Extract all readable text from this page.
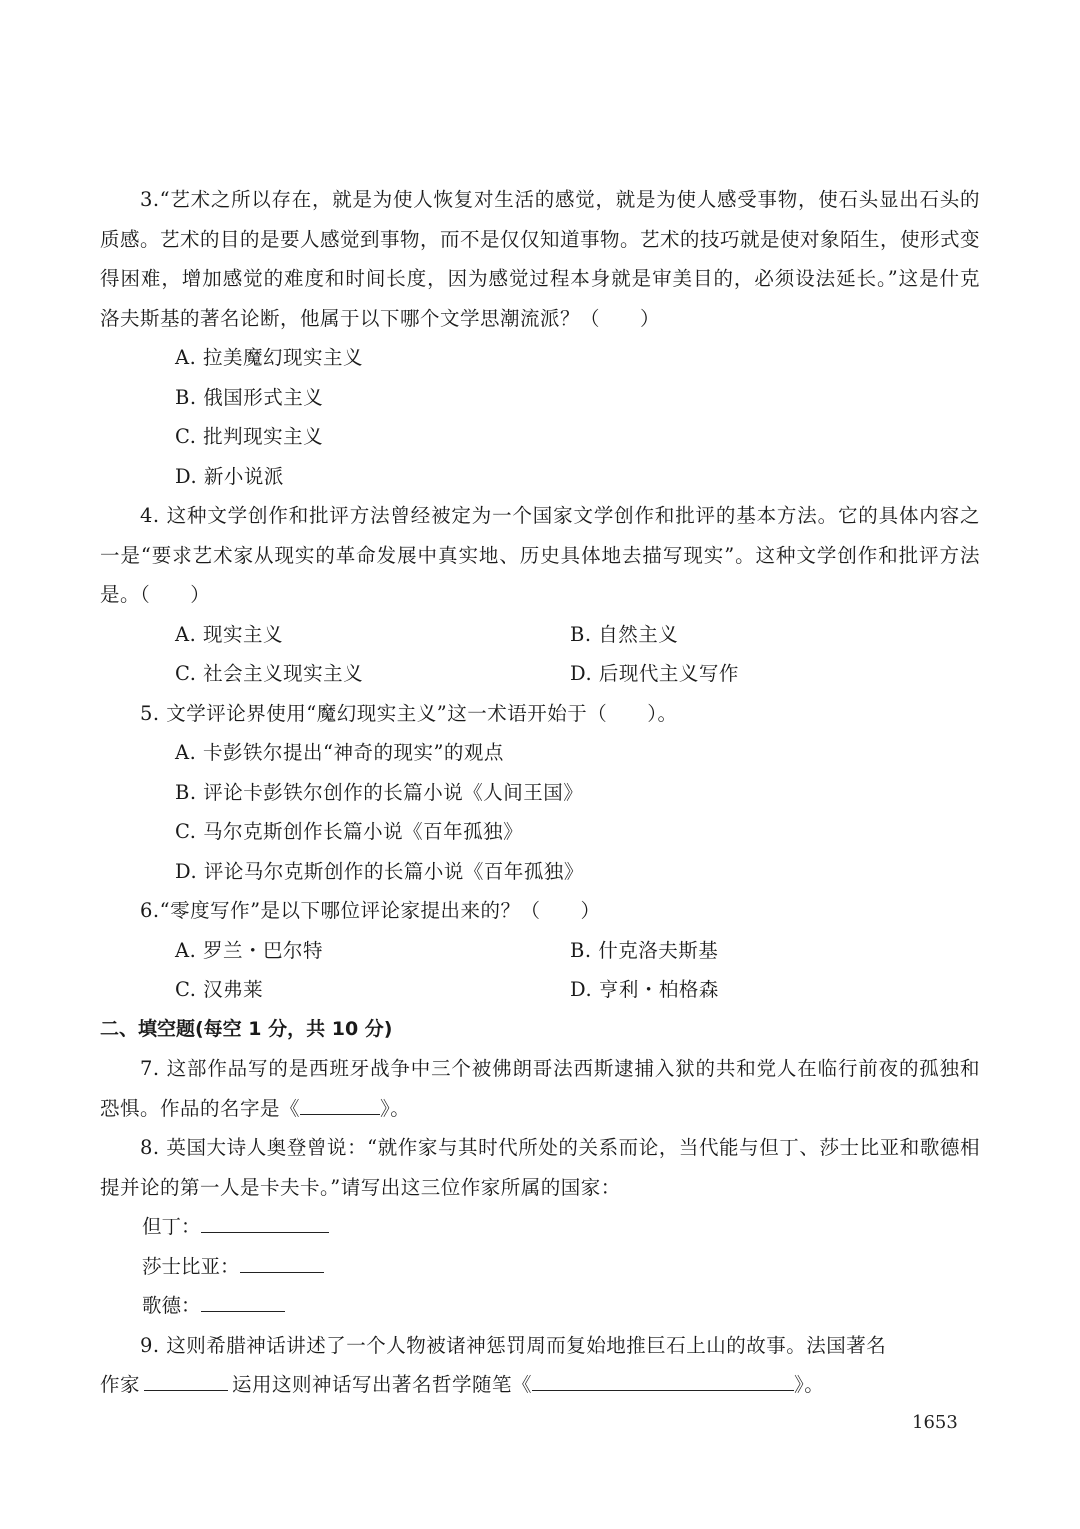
3.“艺术之所以存在，就是为使人恢复对生活的感觉，就是为使人感受事物，使石头显出石头的质感。艺术的目的是要人感觉到事物，而不是仅仅知道事物。艺术的技巧就是使对象陌生，使形式变得困难，增加感觉的难度和时间长度，因为感觉过程本身就是审美目的，必须设法延长。”这是什克洛夫斯基的著名论断，他属于以下哪个文学思潮流派？（　　）

A. 拉美魔幻现实主义

B. 俄国形式主义

C. 批判现实主义

D. 新小说派

4. 这种文学创作和批评方法曾经被定为一个国家文学创作和批评的基本方法。它的具体内容之一是“要求艺术家从现实的革命发展中真实地、历史具体地去描写现实”。这种文学创作和批评方法是。（　　）

A. 现实主义	B. 自然主义
C. 社会主义现实主义	D. 后现代主义写作

5. 文学评论界使用“魔幻现实主义”这一术语开始于（　　）。

A. 卡彭铁尔提出“神奇的现实”的观点

B. 评论卡彭铁尔创作的长篇小说《人间王国》

C. 马尔克斯创作长篇小说《百年孤独》

D. 评论马尔克斯创作的长篇小说《百年孤独》

6.“零度写作”是以下哪位评论家提出来的？（　　）

A. 罗兰・巴尔特	B. 什克洛夫斯基
C. 汉弗莱	D. 亨利・柏格森

二、填空题(每空 1 分，共 10 分)

7. 这部作品写的是西班牙战争中三个被佛朗哥法西斯逮捕入狱的共和党人在临行前夜的孤独和恐惧。作品的名字是《	》。

8. 英国大诗人奥登曾说：“就作家与其时代所处的关系而论，当代能与但丁、莎士比亚和歌德相提并论的第一人是卡夫卡。”请写出这三位作家所属的国家：

但丁：

莎士比亚：

歌德：

9. 这则希腊神话讲述了一个人物被诸神惩罚周而复始地推巨石上山的故事。法国著名

作家	运用这则神话写出著名哲学随笔《	》。

1653
